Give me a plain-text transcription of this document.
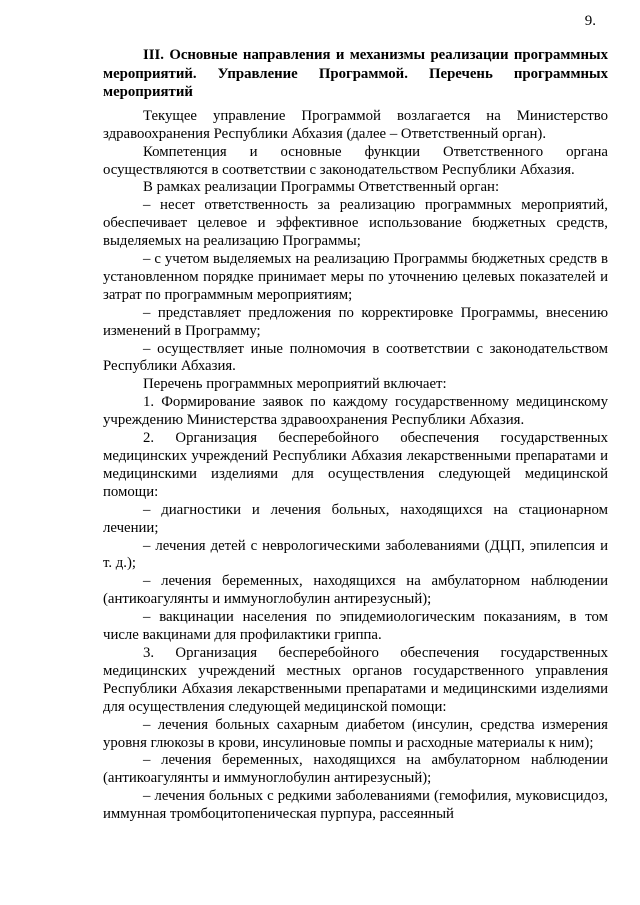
9.
III. Основные направления и механизмы реализации программных мероприятий. Управление Программой. Перечень программных мероприятий

Текущее управление Программой возлагается на Министерство здравоохранения Республики Абхазия (далее – Ответственный орган).

Компетенция и основные функции Ответственного органа осуществляются в соответствии с законодательством Республики Абхазия.

В рамках реализации Программы Ответственный орган:

– несет ответственность за реализацию программных мероприятий, обеспечивает целевое и эффективное использование бюджетных средств, выделяемых на реализацию Программы;

– с учетом выделяемых на реализацию Программы бюджетных средств в установленном порядке принимает меры по уточнению целевых показателей и затрат по программным мероприятиям;

– представляет предложения по корректировке Программы, внесению изменений в Программу;

– осуществляет иные полномочия в соответствии с законодательством Республики Абхазия.

Перечень программных мероприятий включает:

1. Формирование заявок по каждому государственному медицинскому учреждению Министерства здравоохранения Республики Абхазия.

2. Организация бесперебойного обеспечения государственных медицинских учреждений Республики Абхазия лекарственными препаратами и медицинскими изделиями для осуществления следующей медицинской помощи:

– диагностики и лечения больных, находящихся на стационарном лечении;

– лечения детей с неврологическими заболеваниями (ДЦП, эпилепсия и т. д.);

– лечения беременных, находящихся на амбулаторном наблюдении (антикоагулянты и иммуноглобулин антирезусный);

– вакцинации населения по эпидемиологическим показаниям, в том числе вакцинами для профилактики гриппа.

3. Организация бесперебойного обеспечения государственных медицинских учреждений местных органов государственного управления Республики Абхазия лекарственными препаратами и медицинскими изделиями для осуществления следующей медицинской помощи:

– лечения больных сахарным диабетом (инсулин, средства измерения уровня глюкозы в крови, инсулиновые помпы и расходные материалы к ним);

– лечения беременных, находящихся на амбулаторном наблюдении (антикоагулянты и иммуноглобулин антирезусный);

– лечения больных с редкими заболеваниями (гемофилия, муковисцидоз, иммунная тромбоцитопеническая пурпура, рассеянный
